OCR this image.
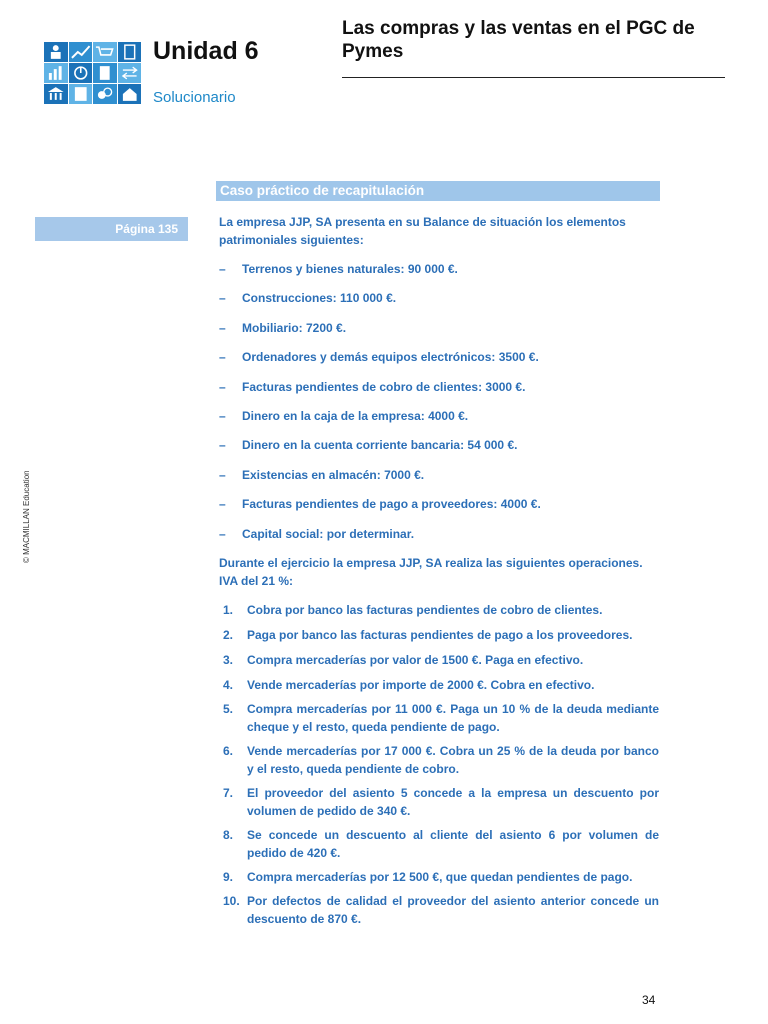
Unidad 6
Solucionario
Las compras y las ventas en el PGC de Pymes
© MACMILLAN Education
Caso práctico de recapitulación
Página 135	La empresa JJP, SA presenta en su Balance de situación los elementos patrimoniales siguientes:
–	Terrenos y bienes naturales: 90 000 €.
–	Construcciones: 110 000 €.
–	Mobiliario: 7200 €.
–	Ordenadores y demás equipos electrónicos: 3500 €.
–	Facturas pendientes de cobro de clientes: 3000 €.
–	Dinero en la caja de la empresa: 4000 €.
–	Dinero en la cuenta corriente bancaria: 54 000 €.
–	Existencias en almacén: 7000 €.
–	Facturas pendientes de pago a proveedores: 4000 €.
–	Capital social: por determinar.
Durante el ejercicio la empresa JJP, SA realiza las siguientes operaciones. IVA del 21 %:
1.	Cobra por banco las facturas pendientes de cobro de clientes.
2.	Paga por banco las facturas pendientes de pago a los proveedores.
3.	Compra mercaderías por valor de 1500 €. Paga en efectivo.
4.	Vende mercaderías por importe de 2000 €. Cobra en efectivo.
5.	Compra mercaderías por 11 000 €. Paga un 10 % de la deuda mediante cheque y el resto, queda pendiente de pago.
6.	Vende mercaderías por 17 000 €. Cobra un 25 % de la deuda por banco y el resto, queda pendiente de cobro.
7.	El proveedor del asiento 5 concede a la empresa un descuento por volumen de pedido de 340 €.
8.	Se concede un descuento al cliente del asiento 6 por volumen de pedido de 420 €.
9.	Compra mercaderías por 12 500 €, que quedan pendientes de pago.
10. Por defectos de calidad el proveedor del asiento anterior concede un descuento de 870 €.
34
